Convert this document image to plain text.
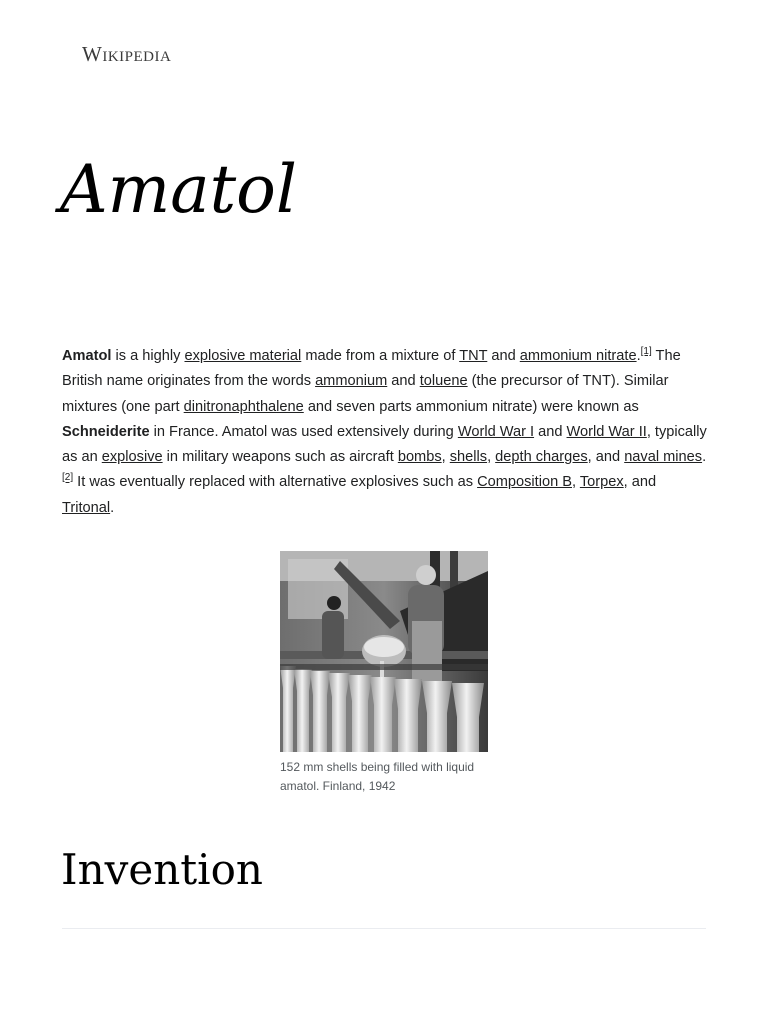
Wikipedia
Amatol

Amatol is a highly explosive material made from a mixture of TNT and ammonium nitrate.[1] The British name originates from the words ammonium and toluene (the precursor of TNT). Similar mixtures (one part dinitronaphthalene and seven parts ammonium nitrate) were known as Schneiderite in France. Amatol was used extensively during World War I and World War II, typically as an explosive in military weapons such as aircraft bombs, shells, depth charges, and naval mines.[2] It was eventually replaced with alternative explosives such as Composition B, Torpex, and Tritonal.

152 mm shells being filled with liquid amatol. Finland, 1942
Invention
